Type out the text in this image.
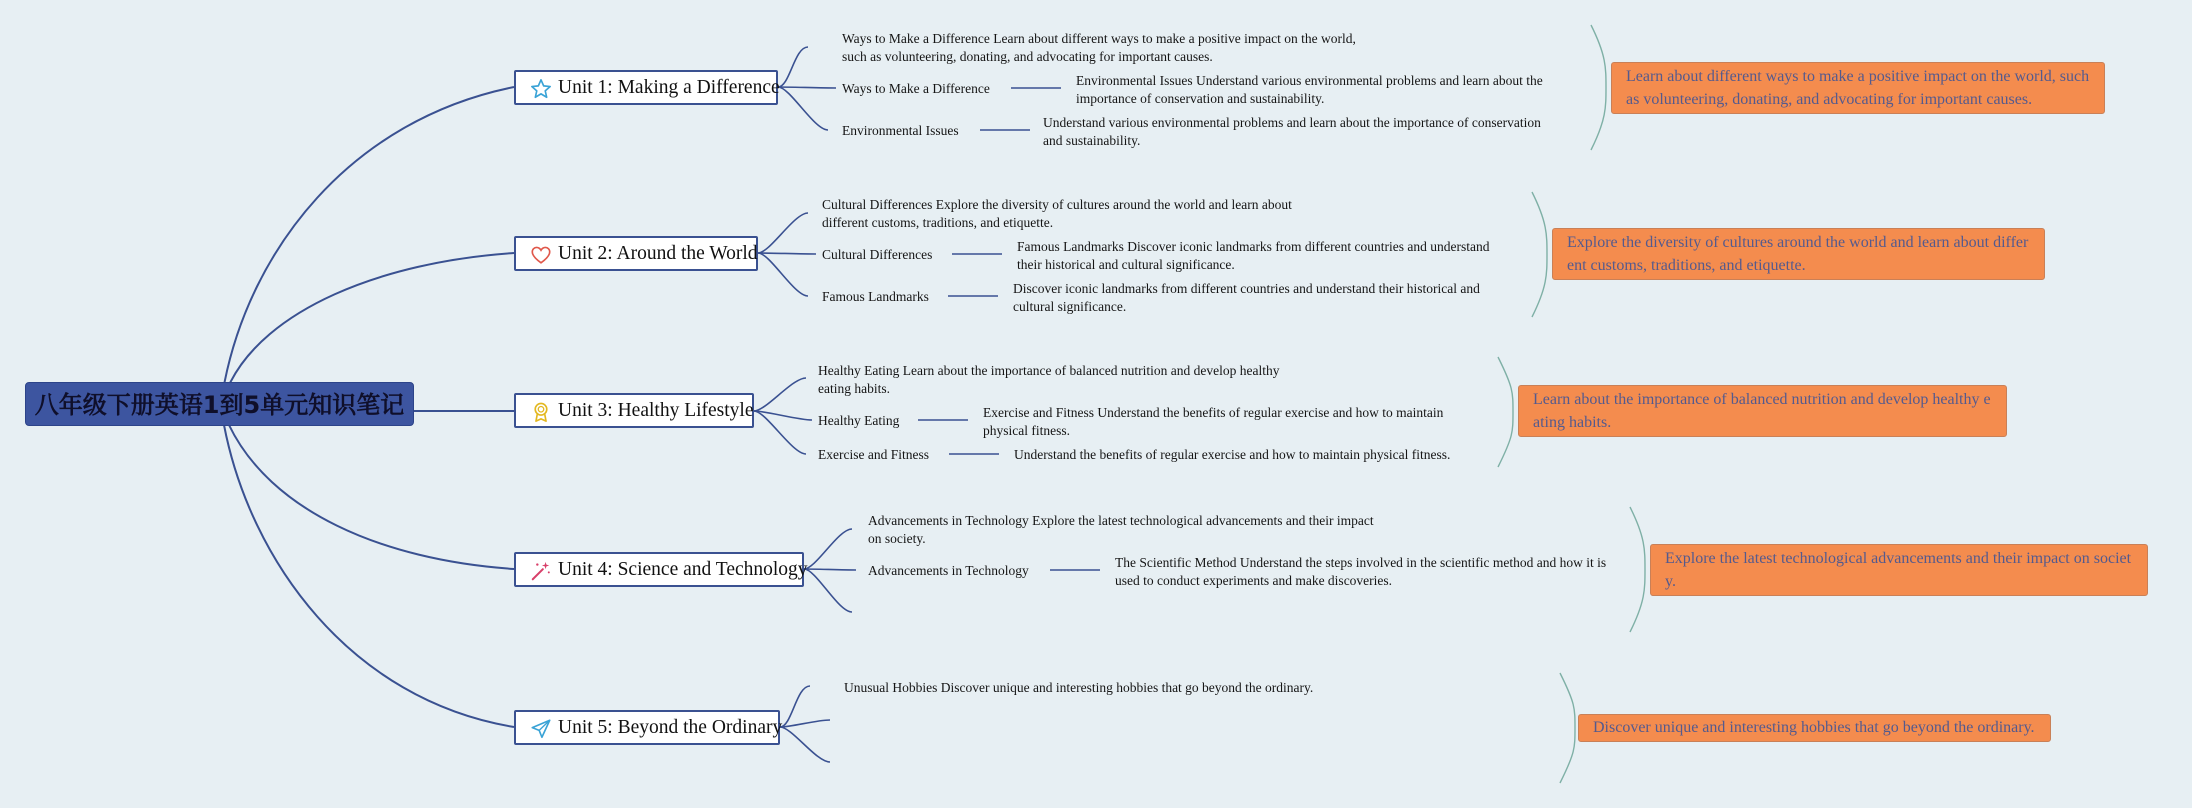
八年级下册英语1到5单元知识笔记
Unit 1: Making a Difference
Ways to Make a Difference Learn about different ways to make a positive impact on the world, such as volunteering, donating, and advocating for important causes.
Ways to Make a Difference
Environmental Issues Understand various environmental problems and learn about the importance of conservation and sustainability.
Environmental Issues
Understand various environmental problems and learn about the importance of conservation and sustainability.
Learn about different ways to make a positive impact on the world, such as volunteering, donating, and advocating for important causes.
Unit 2: Around the World
Cultural Differences Explore the diversity of cultures around the world and learn about different customs, traditions, and etiquette.
Cultural Differences
Famous Landmarks Discover iconic landmarks from different countries and understand their historical and cultural significance.
Famous Landmarks
Discover iconic landmarks from different countries and understand their historical and cultural significance.
Explore the diversity of cultures around the world and learn about different customs, traditions, and etiquette.
Unit 3: Healthy Lifestyle
Healthy Eating Learn about the importance of balanced nutrition and develop healthy eating habits.
Healthy Eating
Exercise and Fitness Understand the benefits of regular exercise and how to maintain physical fitness.
Exercise and Fitness	Understand the benefits of regular exercise and how to maintain physical fitness.
Learn about the importance of balanced nutrition and develop healthy eating habits.
Unit 4: Science and Technology
Advancements in Technology Explore the latest technological advancements and their impact on society.
Advancements in Technology
The Scientific Method Understand the steps involved in the scientific method and how it is used to conduct experiments and make discoveries.
Explore the latest technological advancements and their impact on society.
Unit 5: Beyond the Ordinary
Unusual Hobbies Discover unique and interesting hobbies that go beyond the ordinary.
Discover unique and interesting hobbies that go beyond the ordinary.
